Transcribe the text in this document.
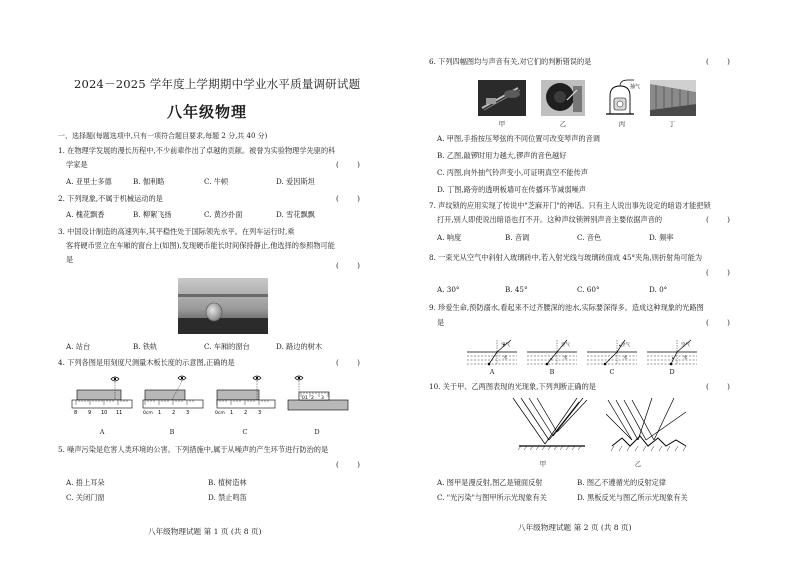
2024－2025 学年度上学期期中学业水平质量调研试题
八年级物理
一、选择题(每题选项中,只有一项符合题目要求,每题 2 分,共 40 分)
1. 在物理学发展的漫长历程中,不少前辈作出了卓越的贡献。被誉为实验物理学先驱的科
学家是	(        )
A. 亚里士多德	B. 伽利略	C. 牛顿	D. 爱因斯坦
2. 下列现象,不属于机械运动的是	(        )
A. 槐花飘香	B. 柳絮飞扬	C. 黄沙扑面	D. 雪花飘飘
3. 中国设计制造的高速列车,其平稳性处于国际领先水平。在列车运行时,乘
客将硬币竖立在车厢的窗台上(如图),发现硬币能长时间保持静止,他选择的参照物可能
是
(        )
A. 站台	B. 铁轨	C. 车厢的窗台	D. 路边的树木
4. 下列各图是用刻度尺测量木板长度的示意图,正确的是	(        )
8 9 10 11
A
0cm 1 2 3
B
0cm 1 2 3
C
01 2 3
D
5. 噪声污染是危害人类环境的公害。下列措施中,属于从噪声的产生环节进行防治的是
(        )
A. 捂上耳朵	B. 植树造林
C. 关闭门窗	D. 禁止鸣笛
八年级物理试题 第 1 页 (共 8 页)
6. 下列四幅图均与声音有关,对它们的判断错误的是	(        )
抽气
甲	乙	丙	丁
A. 甲图,手指按压琴弦的不同位置可改变琴声的音调
B. 乙图,敲锣时用力越大,锣声的音色越好
C. 丙图,向外抽气铃声变小,可证明真空不能传声
D. 丁图,路旁的透明板墙可在传播环节减弱噪声
7. 声纹锁的应用实现了传说中"芝麻开门"的神话。只有主人说出事先设定的暗语才能把锁
打开,别人即使说出暗语也打不开。这种声纹锁辨别声音主要依据声音的	(        )
A. 响度	B. 音调	C. 音色	D. 频率
8. 一束光从空气中斜射入玻璃砖中,若入射光线与玻璃砖面成 45°夹角,则折射角可能为
(        )
A. 30°	B. 45°	C. 60°	D. 0°
9. 珍爱生命,预防溺水,看起来不过齐腰深的池水,实际要深得多。造成这种现象的光路图
是	(        )
空气
水
空气
水
空气
水
空气
水
A	B	C	D
10. 关于甲、乙两图表现的光现象,下列判断正确的是	(        )
甲	乙
A. 图甲是漫反射,图乙是镜面反射	B. 图乙不遵循光的反射定律
C. "光污染"与图甲所示光现象有关	D. 黑板反光与图乙所示光现象有关
八年级物理试题 第 2 页 (共 8 页)
